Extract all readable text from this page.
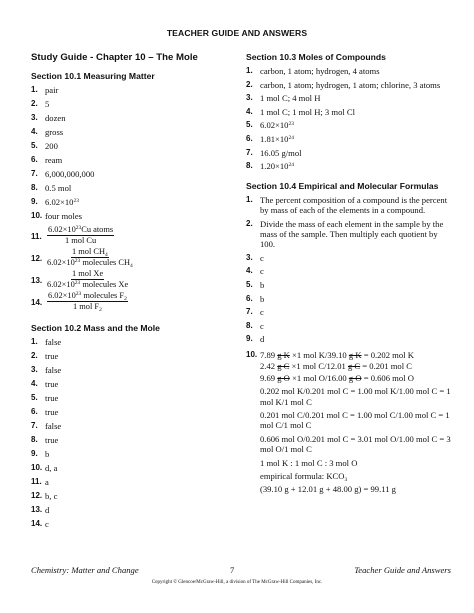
TEACHER GUIDE AND ANSWERS
Study Guide - Chapter 10 – The Mole
Section 10.1 Measuring Matter
1. pair
2. 5
3. dozen
4. gross
5. 200
6. ream
7. 6,000,000,000
8. 0.5 mol
9. $6.02\times 10^{23}$
10. four moles
11. $\frac{6.02\times 10^{23}Cu atoms}{\text{1 mol Cu}}$
12. $\frac{1 mol CH_4}{6.02\times 10^{23} molecules CH_4}$
13. $\frac{\text{1 mol Xe}}{6.02\times 10^{23} molecules Xe}$
14. $\frac{6.02\times 10^{23} molecules F_2}{1 mol F_2}$
Section 10.2 Mass and the Mole
1. false
2. true
3. false
4. true
5. true
6. true
7. false
8. true
9. b
10. d, a
11. a
12. b, c
13. d
14. c
Section 10.3 Moles of Compounds
1. carbon, 1 atom; hydrogen, 4 atoms
2. carbon, 1 atom; hydrogen, 1 atom; chlorine, 3 atoms
3. 1 mol C; 4 mol H
4. 1 mol C; 1 mol H; 3 mol Cl
5. $6.02\times 10^{23}$
6. $1.81\times 10^{24}$
7. 16.05 g/mol
8. $1.20\times 10^{24}$
Section 10.4 Empirical and Molecular Formulas
1. The percent composition of a compound is the percent by mass of each of the elements in a compound.
2. Divide the mass of each element in the sample by the mass of the sample. Then multiply each quotient by 100.
3. c
4. c
5. b
6. b
7. c
8. c
9. d
10. 7.89 g K ×1 mol K/39.10 g K = 0.202 mol K
2.42 g C ×1 mol C/12.01 g C = 0.201 mol C
9.69 g O ×1 mol O/16.00 g O = 0.606 mol O
0.202 mol K/0.201 mol C = 1.00 mol K/1.00 mol C = 1 mol K/1 mol C
0.201 mol C/0.201 mol C = 1.00 mol C/1.00 mol C = 1 mol C/1 mol C
0.606 mol O/0.201 mol C = 3.01 mol O/1.00 mol C = 3 mol O/1 mol C
1 mol K : 1 mol C : 3 mol O
empirical formula: $KCO_3$
(39.10 g + 12.01 g + 48.00 g) = 99.11 g
Chemistry: Matter and Change	7	Teacher Guide and Answers
Copyright © Glencoe/McGraw-Hill, a division of The McGraw-Hill Companies, Inc.
